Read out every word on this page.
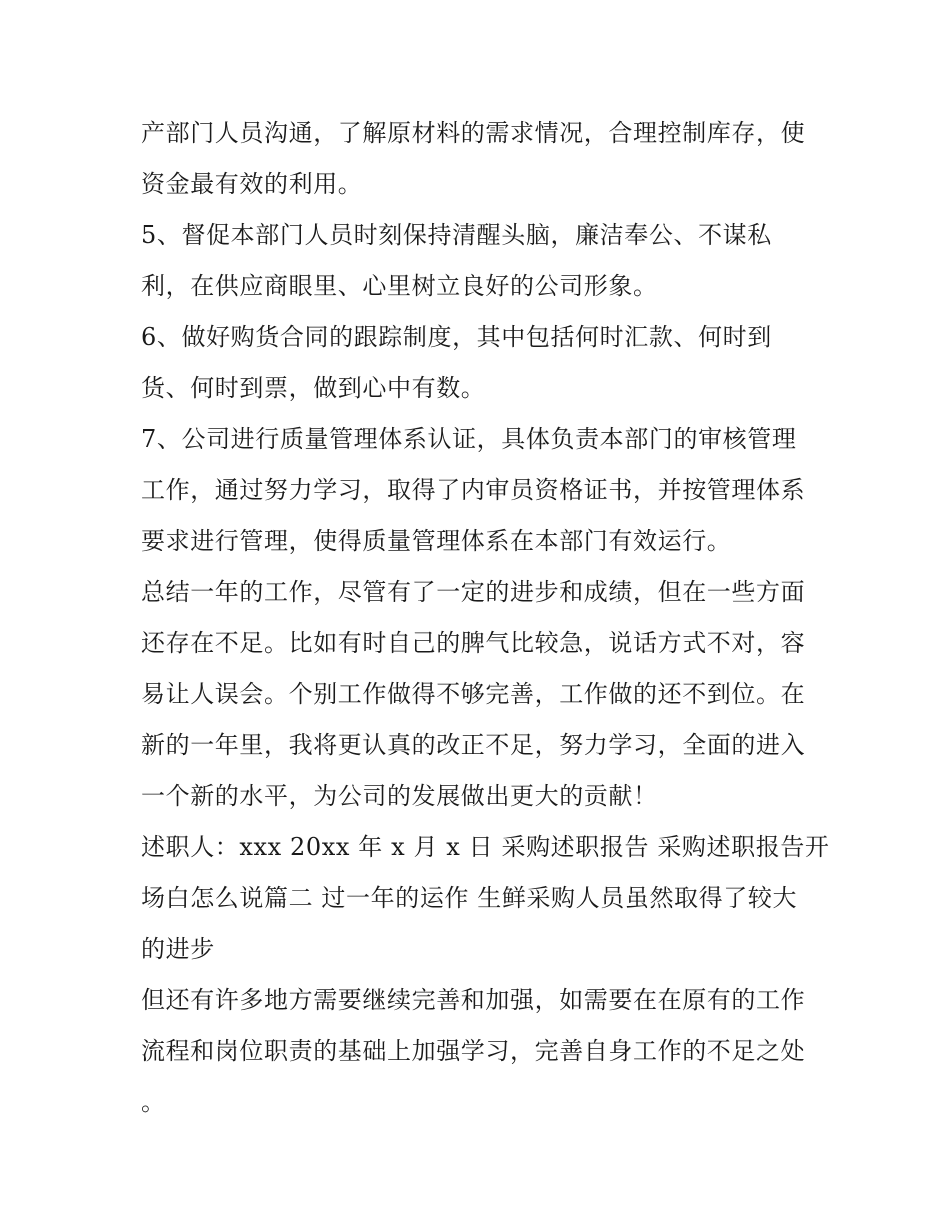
产部门人员沟通，了解原材料的需求情况，合理控制库存，使
资金最有效的利用。
5、督促本部门人员时刻保持清醒头脑，廉洁奉公、不谋私
利，在供应商眼里、心里树立良好的公司形象。
6、做好购货合同的跟踪制度，其中包括何时汇款、何时到
货、何时到票，做到心中有数。
7、公司进行质量管理体系认证，具体负责本部门的审核管理
工作，通过努力学习，取得了内审员资格证书，并按管理体系
要求进行管理，使得质量管理体系在本部门有效运行。
总结一年的工作，尽管有了一定的进步和成绩，但在一些方面
还存在不足。比如有时自己的脾气比较急，说话方式不对，容
易让人误会。个别工作做得不够完善，工作做的还不到位。在
新的一年里，我将更认真的改正不足，努力学习，全面的进入
一个新的水平，为公司的发展做出更大的贡献！
述职人：xxx 20xx 年 x 月 x 日 采购述职报告 采购述职报告开
场白怎么说篇二 过一年的运作 生鲜采购人员虽然取得了较大
的进步
但还有许多地方需要继续完善和加强，如需要在在原有的工作
流程和岗位职责的基础上加强学习，完善自身工作的不足之处
。
